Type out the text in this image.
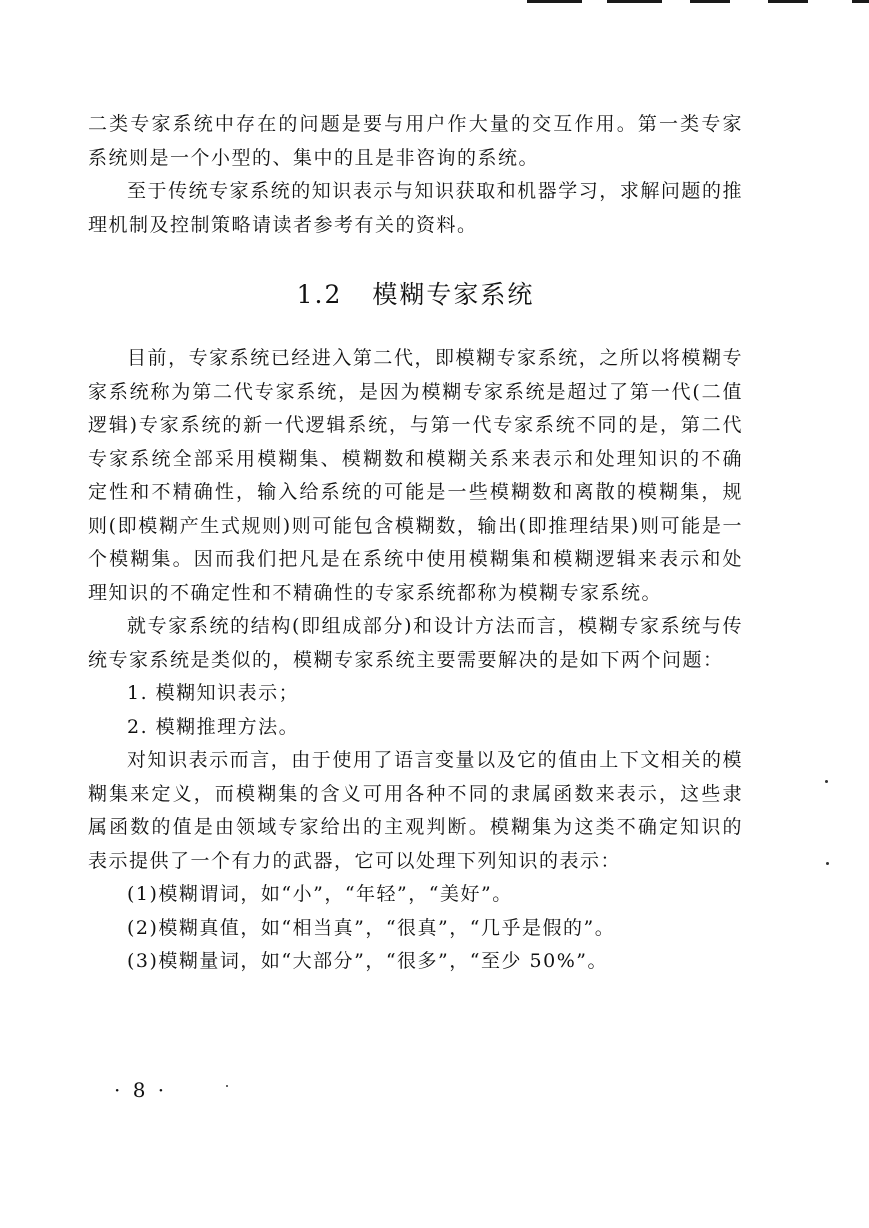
二类专家系统中存在的问题是要与用户作大量的交互作用。第一类专家系统则是一个小型的、集中的且是非咨询的系统。

至于传统专家系统的知识表示与知识获取和机器学习，求解问题的推理机制及控制策略请读者参考有关的资料。

1.2 模糊专家系统

目前，专家系统已经进入第二代，即模糊专家系统，之所以将模糊专家系统称为第二代专家系统，是因为模糊专家系统是超过了第一代(二值逻辑)专家系统的新一代逻辑系统，与第一代专家系统不同的是，第二代专家系统全部采用模糊集、模糊数和模糊关系来表示和处理知识的不确定性和不精确性，输入给系统的可能是一些模糊数和离散的模糊集，规则(即模糊产生式规则)则可能包含模糊数，输出(即推理结果)则可能是一个模糊集。因而我们把凡是在系统中使用模糊集和模糊逻辑来表示和处理知识的不确定性和不精确性的专家系统都称为模糊专家系统。

就专家系统的结构(即组成部分)和设计方法而言，模糊专家系统与传统专家系统是类似的，模糊专家系统主要需要解决的是如下两个问题：

1. 模糊知识表示；

2. 模糊推理方法。

对知识表示而言，由于使用了语言变量以及它的值由上下文相关的模糊集来定义，而模糊集的含义可用各种不同的隶属函数来表示，这些隶属函数的值是由领域专家给出的主观判断。模糊集为这类不确定知识的表示提供了一个有力的武器，它可以处理下列知识的表示：

(1)模糊谓词，如“小”，“年轻”，“美好”。

(2)模糊真值，如“相当真”，“很真”，“几乎是假的”。

(3)模糊量词，如“大部分”，“很多”，“至少 50%”。

· 8 ·
